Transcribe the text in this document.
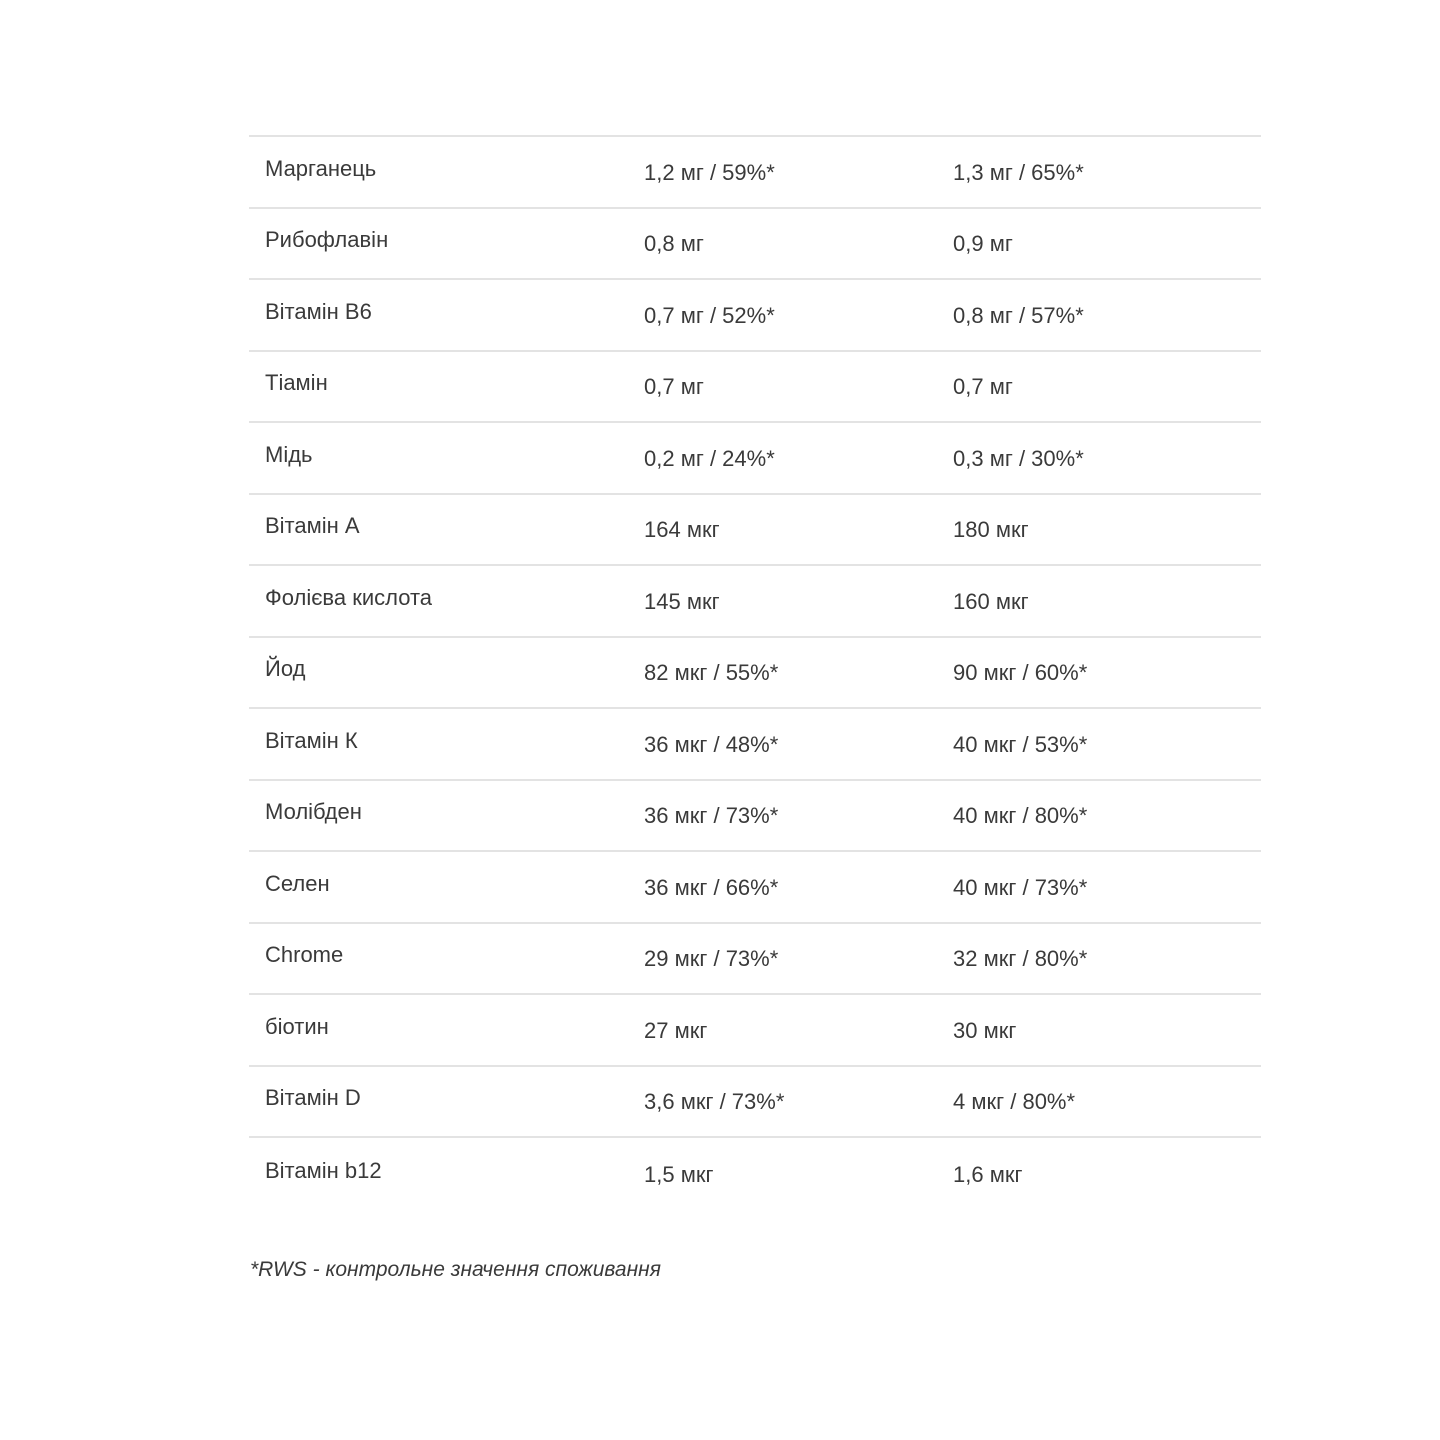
Марганець	1,2 мг / 59%*	1,3 мг / 65%*
Рибофлавін	0,8 мг	0,9 мг
Вітамін B6	0,7 мг / 52%*	0,8 мг / 57%*
Тіамін	0,7 мг	0,7 мг
Мідь	0,2 мг / 24%*	0,3 мг / 30%*
Вітамін А	164 мкг	180 мкг
Фолієва кислота	145 мкг	160 мкг
Йод	82 мкг / 55%*	90 мкг / 60%*
Вітамін К	36 мкг / 48%*	40 мкг / 53%*
Молібден	36 мкг / 73%*	40 мкг / 80%*
Селен	36 мкг / 66%*	40 мкг / 73%*
Chrome	29 мкг / 73%*	32 мкг / 80%*
біотин	27 мкг	30 мкг
Вітамін D	3,6 мкг / 73%*	4 мкг / 80%*
Вітамін b12	1,5 мкг	1,6 мкг
*RWS - контрольне значення споживання
